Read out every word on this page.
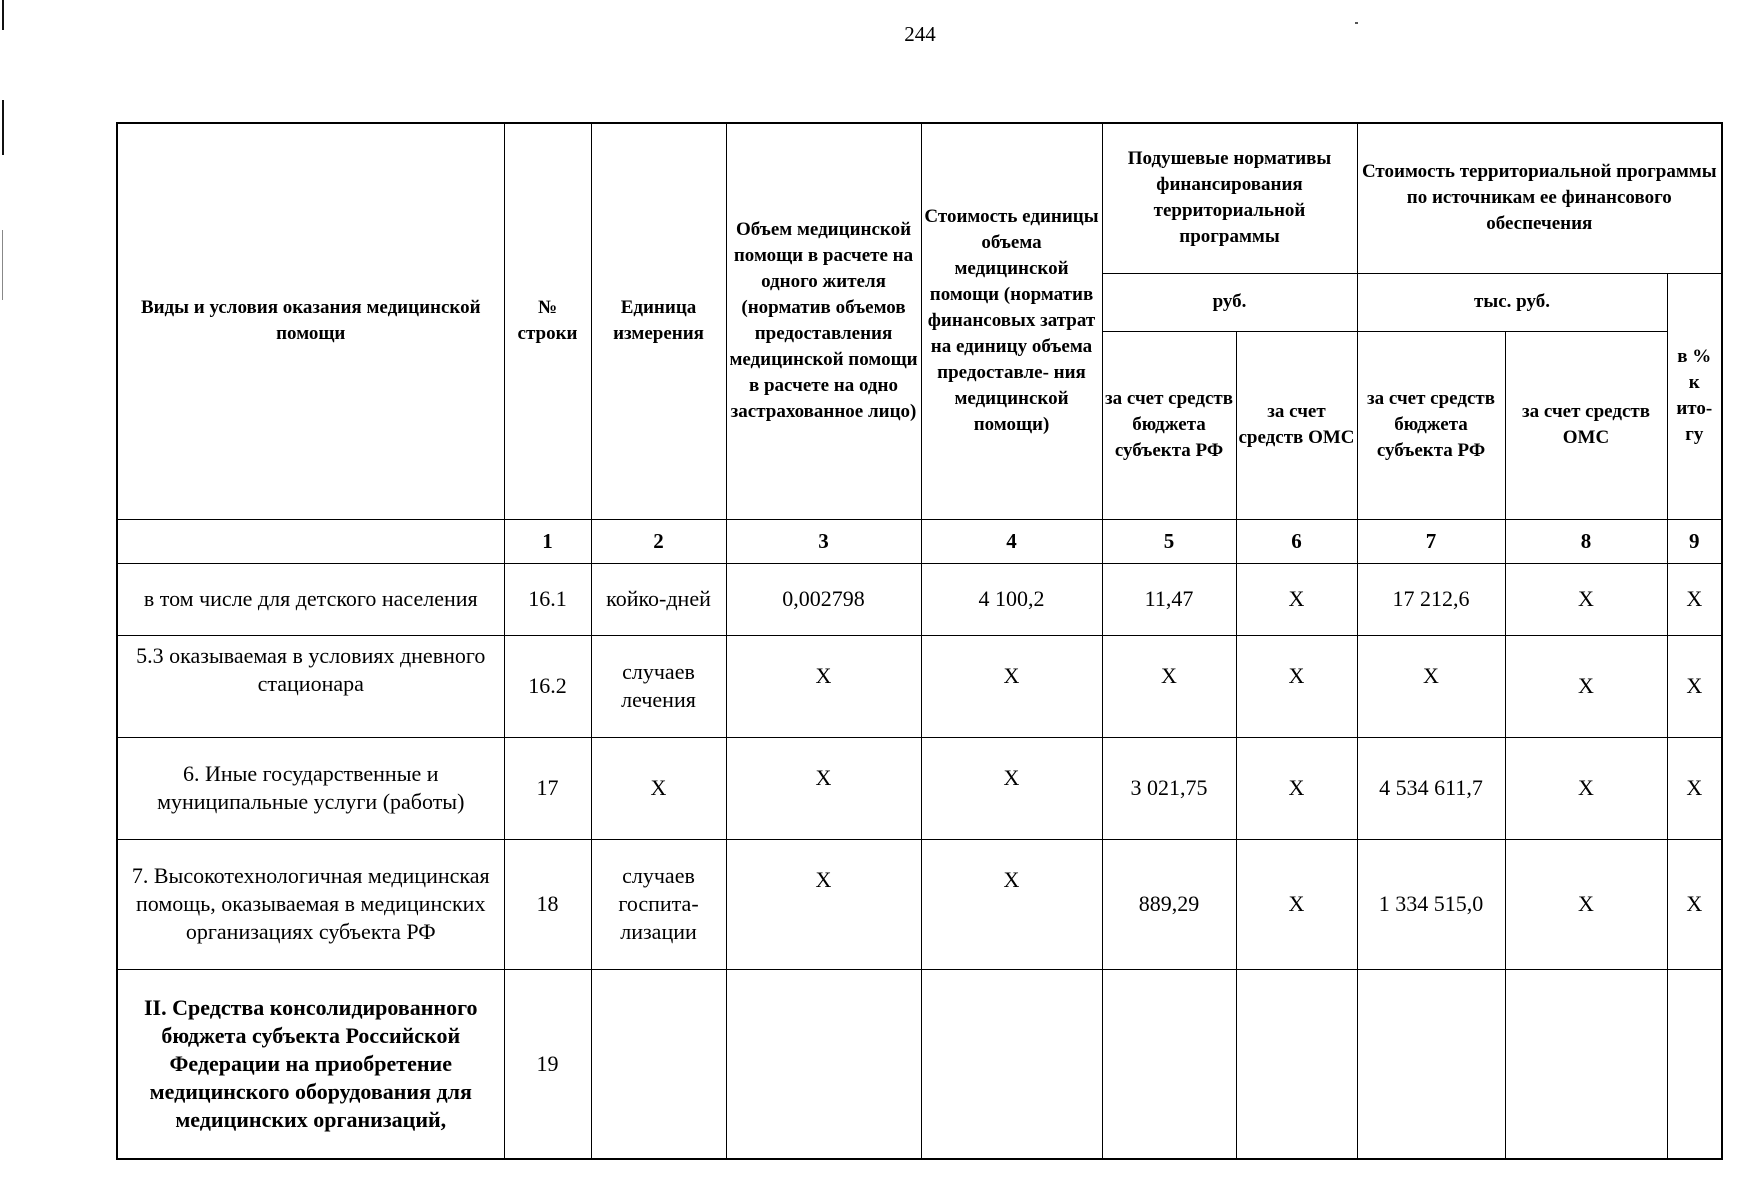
244
Виды и условия оказания медицинской помощи	№ строки	Единица измерения	Объем медицинской помощи в расчете на одного жителя (норматив объемов предоставления медицинской помощи в расчете на одно застрахованное лицо)	Стоимость единицы объема медицинской помощи (норматив финансовых затрат на единицу объема предоставле- ния медицинской помощи)	Подушевые нормативы финансирования территориальной программы		Стоимость территориальной программы по источникам ее финансового обеспечения		
					руб.		тыс. руб.		в % к ито- гу
					за счет средств бюджета субъекта РФ	за счет средств ОМС	за счет средств бюджета субъекта РФ	за счет средств ОМС	
	1	2	3	4	5	6	7	8	9
в том числе для детского населения	16.1	койко-дней	0,002798	4 100,2	11,47	X	17 212,6	X	X
5.3 оказываемая в условиях дневного стационара	16.2	случаев лечения	X	X	X	X	X	X	X
6. Иные государственные и муниципальные услуги (работы)	17	X	X	X	3 021,75	X	4 534 611,7	X	X
7. Высокотехнологичная медицинская помощь, оказываемая в медицинских организациях субъекта РФ	18	случаев госпита- лизации	X	X	889,29	X	1 334 515,0	X	X
II. Средства консолидированного бюджета субъекта Российской Федерации на приобретение медицинского оборудования для медицинских организаций,	19								
